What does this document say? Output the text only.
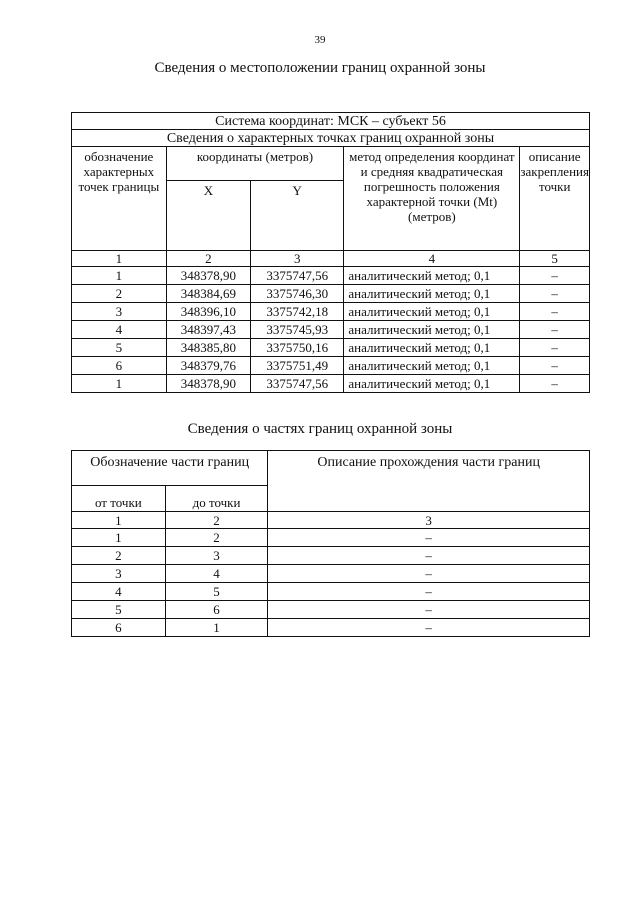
39
Сведения о местоположении границ охранной зоны
Система координат: МСК – субъект 56				
Сведения о характерных точках границ охранной зоны				
обозначение характерных точек границы	координаты (метров)		метод определения координат и средняя квадратическая погрешность положения характерной точки (Mt) (метров)	описание закрепления точки
	X	Y		
1	2	3	4	5
1	348378,90	3375747,56	аналитический метод; 0,1	–
2	348384,69	3375746,30	аналитический метод; 0,1	–
3	348396,10	3375742,18	аналитический метод; 0,1	–
4	348397,43	3375745,93	аналитический метод; 0,1	–
5	348385,80	3375750,16	аналитический метод; 0,1	–
6	348379,76	3375751,49	аналитический метод; 0,1	–
1	348378,90	3375747,56	аналитический метод; 0,1	–
Сведения о частях границ охранной зоны
Обозначение части границ		Описание прохождения части границ
от точки	до точки	
1	2	3
1	2	–
2	3	–
3	4	–
4	5	–
5	6	–
6	1	–
